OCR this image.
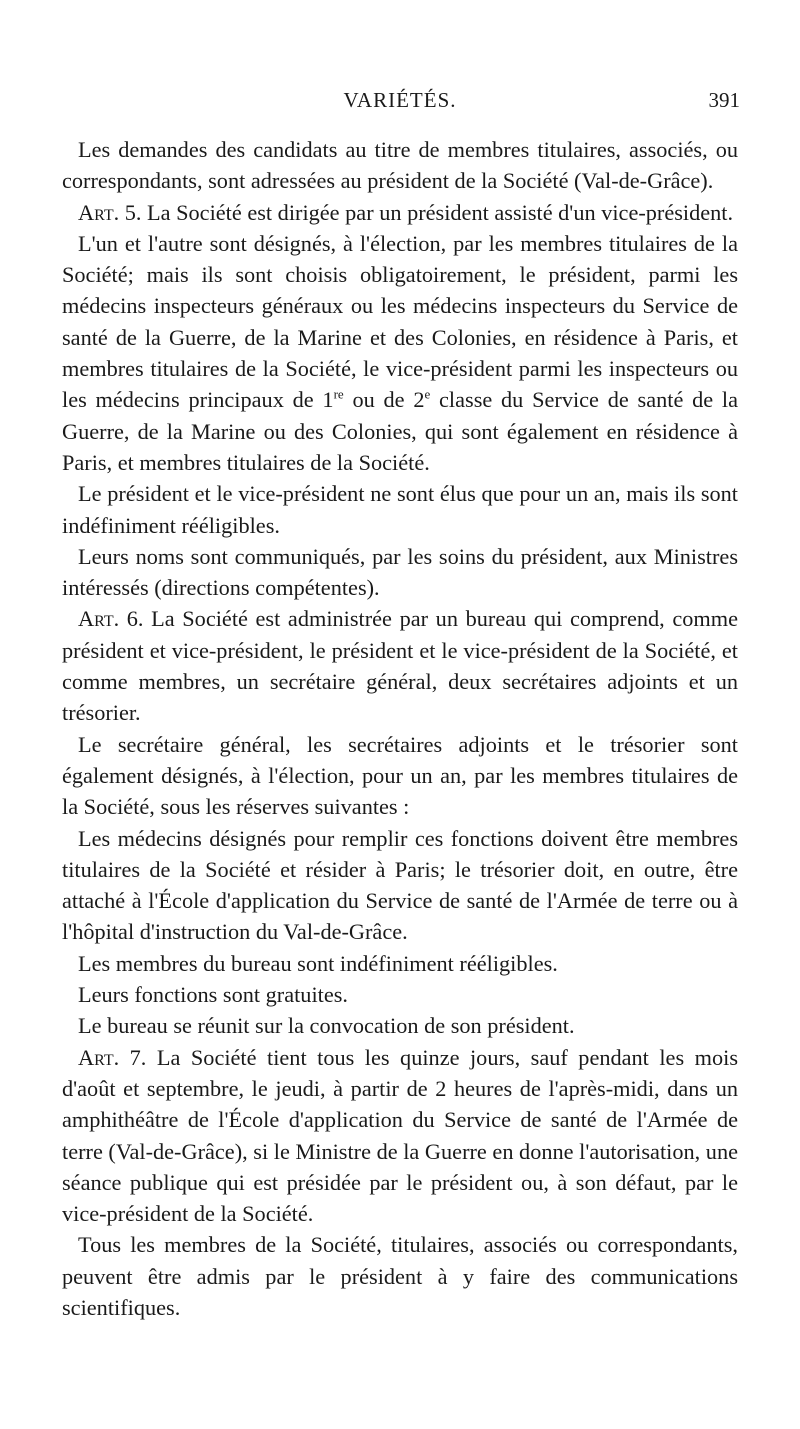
VARIÉTÉS.	391

Les demandes des candidats au titre de membres titulaires, associés, ou correspondants, sont adressées au président de la Société (Val-de-Grâce).

Art. 5. La Société est dirigée par un président assisté d'un vice-président.

L'un et l'autre sont désignés, à l'élection, par les membres titulaires de la Société; mais ils sont choisis obligatoirement, le président, parmi les médecins inspecteurs généraux ou les médecins inspecteurs du Service de santé de la Guerre, de la Marine et des Colonies, en résidence à Paris, et membres titulaires de la Société, le vice-président parmi les inspecteurs ou les médecins principaux de 1re ou de 2e classe du Service de santé de la Guerre, de la Marine ou des Colonies, qui sont également en résidence à Paris, et membres titulaires de la Société.

Le président et le vice-président ne sont élus que pour un an, mais ils sont indéfiniment rééligibles.

Leurs noms sont communiqués, par les soins du président, aux Ministres intéressés (directions compétentes).

Art. 6. La Société est administrée par un bureau qui comprend, comme président et vice-président, le président et le vice-président de la Société, et comme membres, un secrétaire général, deux secrétaires adjoints et un trésorier.

Le secrétaire général, les secrétaires adjoints et le trésorier sont également désignés, à l'élection, pour un an, par les membres titulaires de la Société, sous les réserves suivantes :

Les médecins désignés pour remplir ces fonctions doivent être membres titulaires de la Société et résider à Paris; le trésorier doit, en outre, être attaché à l'École d'application du Service de santé de l'Armée de terre ou à l'hôpital d'instruction du Val-de-Grâce.

Les membres du bureau sont indéfiniment rééligibles.

Leurs fonctions sont gratuites.

Le bureau se réunit sur la convocation de son président.

Art. 7. La Société tient tous les quinze jours, sauf pendant les mois d'août et septembre, le jeudi, à partir de 2 heures de l'après-midi, dans un amphithéâtre de l'École d'application du Service de santé de l'Armée de terre (Val-de-Grâce), si le Ministre de la Guerre en donne l'autorisation, une séance publique qui est présidée par le président ou, à son défaut, par le vice-président de la Société.

Tous les membres de la Société, titulaires, associés ou correspondants, peuvent être admis par le président à y faire des communications scientifiques.
